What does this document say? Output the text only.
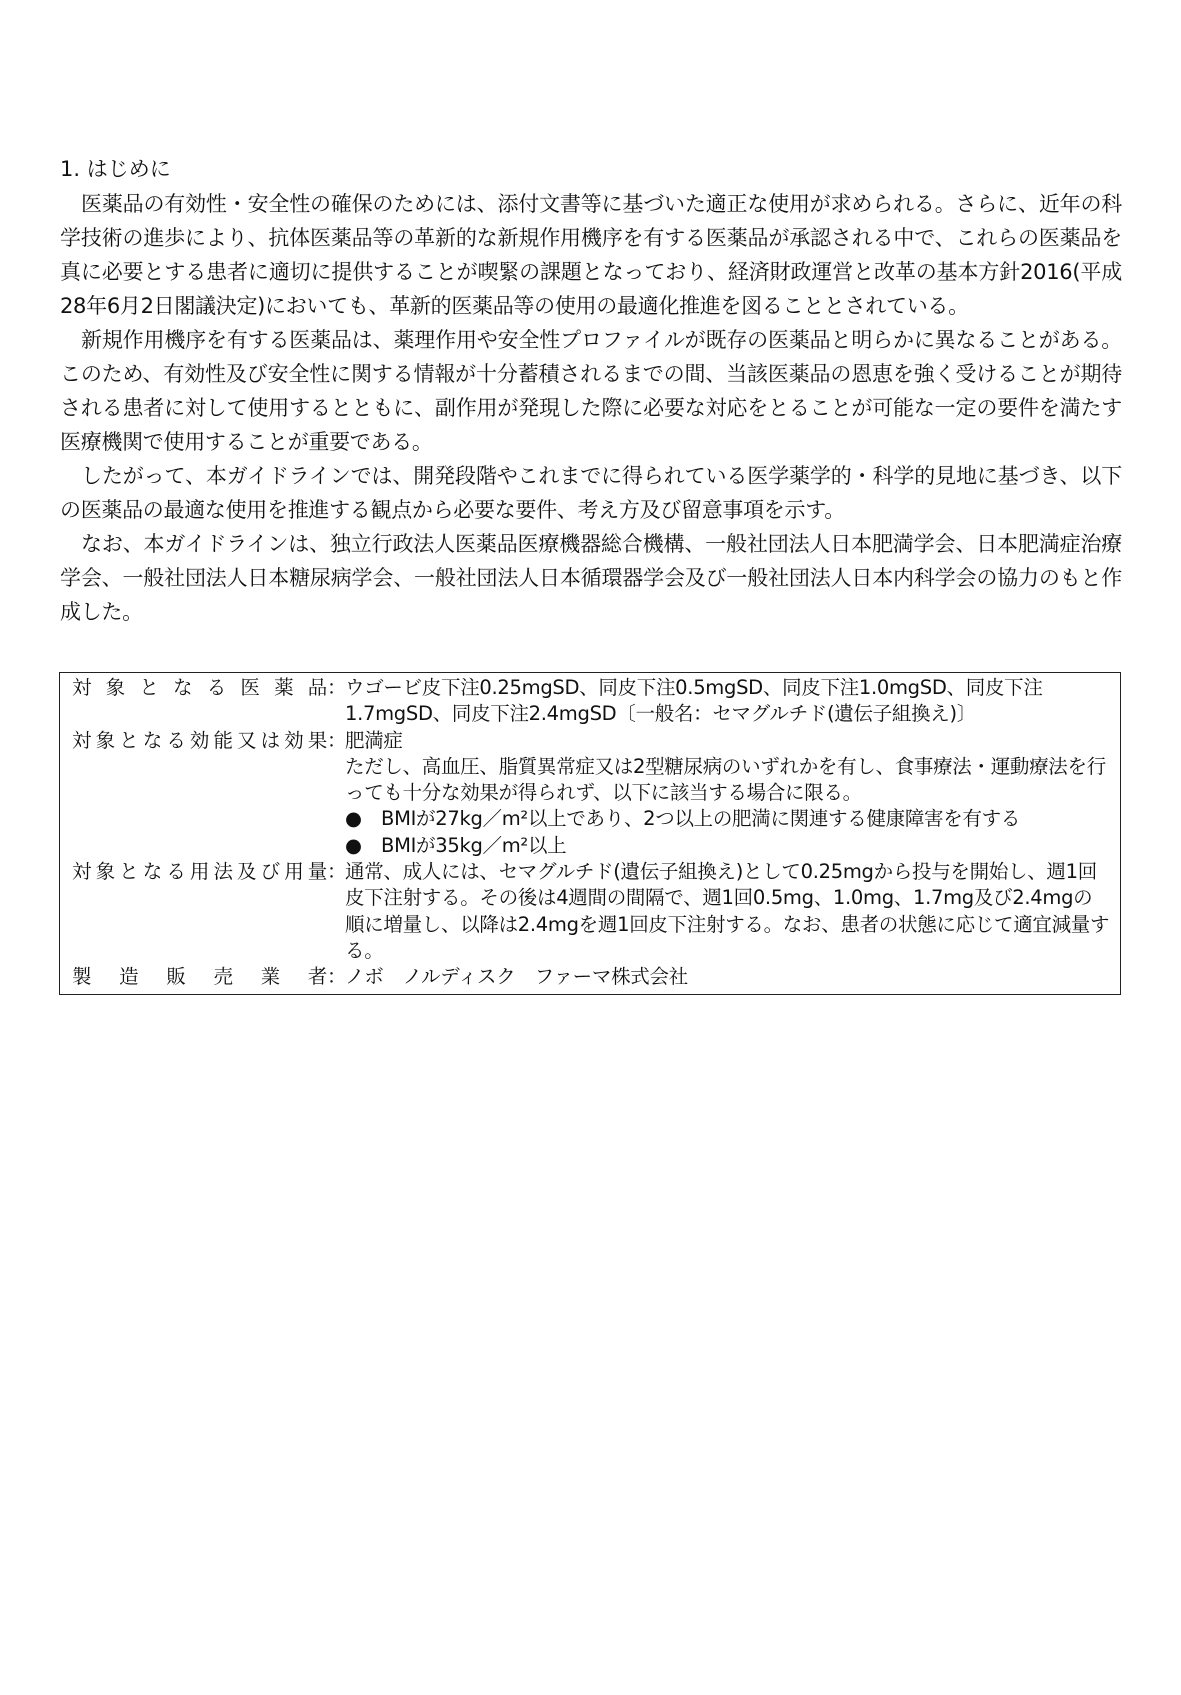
1. はじめに

医薬品の有効性・安全性の確保のためには、添付文書等に基づいた適正な使用が求められる。さらに、近年の科学技術の進歩により、抗体医薬品等の革新的な新規作用機序を有する医薬品が承認される中で、これらの医薬品を真に必要とする患者に適切に提供することが喫緊の課題となっており、経済財政運営と改革の基本方針2016(平成28年6月2日閣議決定)においても、革新的医薬品等の使用の最適化推進を図ることとされている。

新規作用機序を有する医薬品は、薬理作用や安全性プロファイルが既存の医薬品と明らかに異なることがある。このため、有効性及び安全性に関する情報が十分蓄積されるまでの間、当該医薬品の恩恵を強く受けることが期待される患者に対して使用するとともに、副作用が発現した際に必要な対応をとることが可能な一定の要件を満たす医療機関で使用することが重要である。

したがって、本ガイドラインでは、開発段階やこれまでに得られている医学薬学的・科学的見地に基づき、以下の医薬品の最適な使用を推進する観点から必要な要件、考え方及び留意事項を示す。

なお、本ガイドラインは、独立行政法人医薬品医療機器総合機構、一般社団法人日本肥満学会、日本肥満症治療学会、一般社団法人日本糖尿病学会、一般社団法人日本循環器学会及び一般社団法人日本内科学会の協力のもと作成した。

対象となる医薬品 ：
ウゴービ皮下注0.25mgSD、同皮下注0.5mgSD、同皮下注1.0mgSD、同皮下注1.7mgSD、同皮下注2.4mgSD〔一般名：セマグルチド(遺伝子組換え)〕
対象となる効能又は効果 ：
肥満症
ただし、高血圧、脂質異常症又は2型糖尿病のいずれかを有し、食事療法・運動療法を行っても十分な効果が得られず、以下に該当する場合に限る。
● BMIが27kg／m²以上であり、2つ以上の肥満に関連する健康障害を有する
● BMIが35kg／m²以上
対象となる用法及び用量 ：
通常、成人には、セマグルチド(遺伝子組換え)として0.25mgから投与を開始し、週1回皮下注射する。その後は4週間の間隔で、週1回0.5mg、1.0mg、1.7mg及び2.4mgの順に増量し、以降は2.4mgを週1回皮下注射する。なお、患者の状態に応じて適宜減量する。
製造販売業者 ：
ノボ　ノルディスク　ファーマ株式会社
